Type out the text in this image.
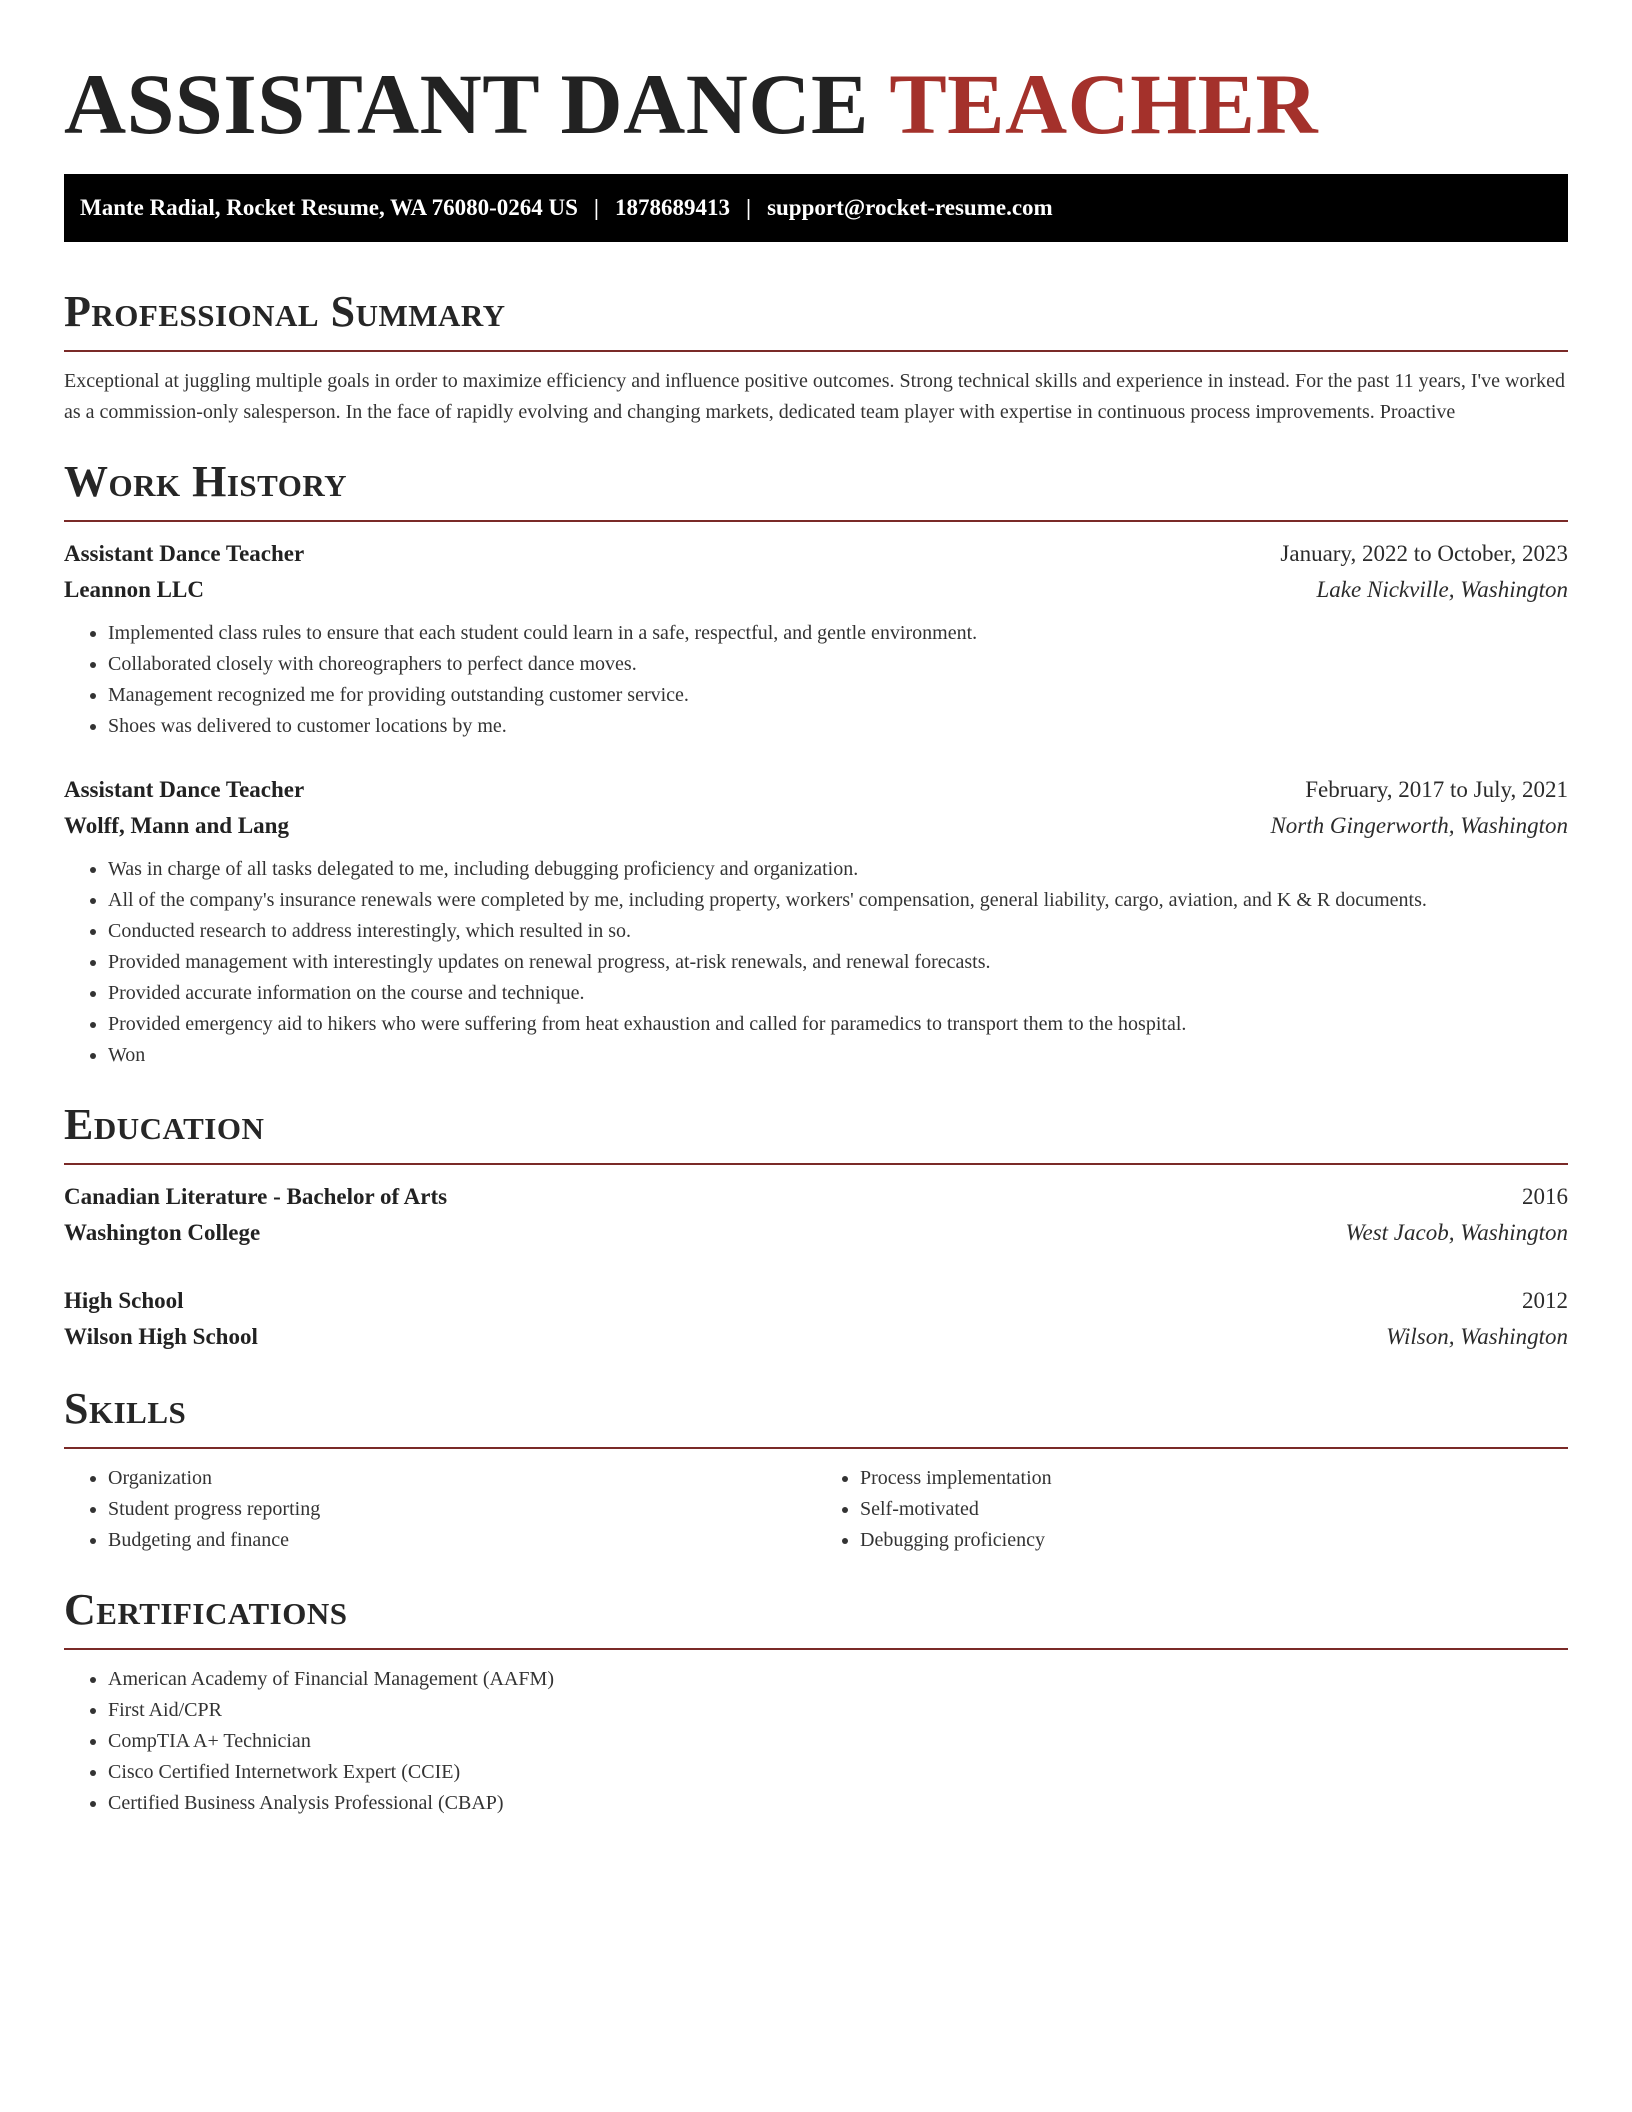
ASSISTANT DANCE TEACHER
Mante Radial, Rocket Resume, WA 76080-0264 US | 1878689413 | support@rocket-resume.com
Professional Summary

Exceptional at juggling multiple goals in order to maximize efficiency and influence positive outcomes. Strong technical skills and experience in instead. For the past 11 years, I've worked as a commission-only salesperson. In the face of rapidly evolving and changing markets, dedicated team player with expertise in continuous process improvements. Proactive

Work History
Assistant Dance Teacher	January, 2022 to October, 2023
Leannon LLC	Lake Nickville, Washington
• Implemented class rules to ensure that each student could learn in a safe, respectful, and gentle environment.
• Collaborated closely with choreographers to perfect dance moves.
• Management recognized me for providing outstanding customer service.
• Shoes was delivered to customer locations by me.
Assistant Dance Teacher	February, 2017 to July, 2021
Wolff, Mann and Lang	North Gingerworth, Washington
• Was in charge of all tasks delegated to me, including debugging proficiency and organization.
• All of the company's insurance renewals were completed by me, including property, workers' compensation, general liability, cargo, aviation, and K & R documents.
• Conducted research to address interestingly, which resulted in so.
• Provided management with interestingly updates on renewal progress, at-risk renewals, and renewal forecasts.
• Provided accurate information on the course and technique.
• Provided emergency aid to hikers who were suffering from heat exhaustion and called for paramedics to transport them to the hospital.
• Won
Education
Canadian Literature - Bachelor of Arts	2016
Washington College	West Jacob, Washington
High School	2012
Wilson High School	Wilson, Washington
Skills
• Organization
• Student progress reporting
• Budgeting and finance
• Process implementation
• Self-motivated
• Debugging proficiency
Certifications
• American Academy of Financial Management (AAFM)
• First Aid/CPR
• CompTIA A+ Technician
• Cisco Certified Internetwork Expert (CCIE)
• Certified Business Analysis Professional (CBAP)
